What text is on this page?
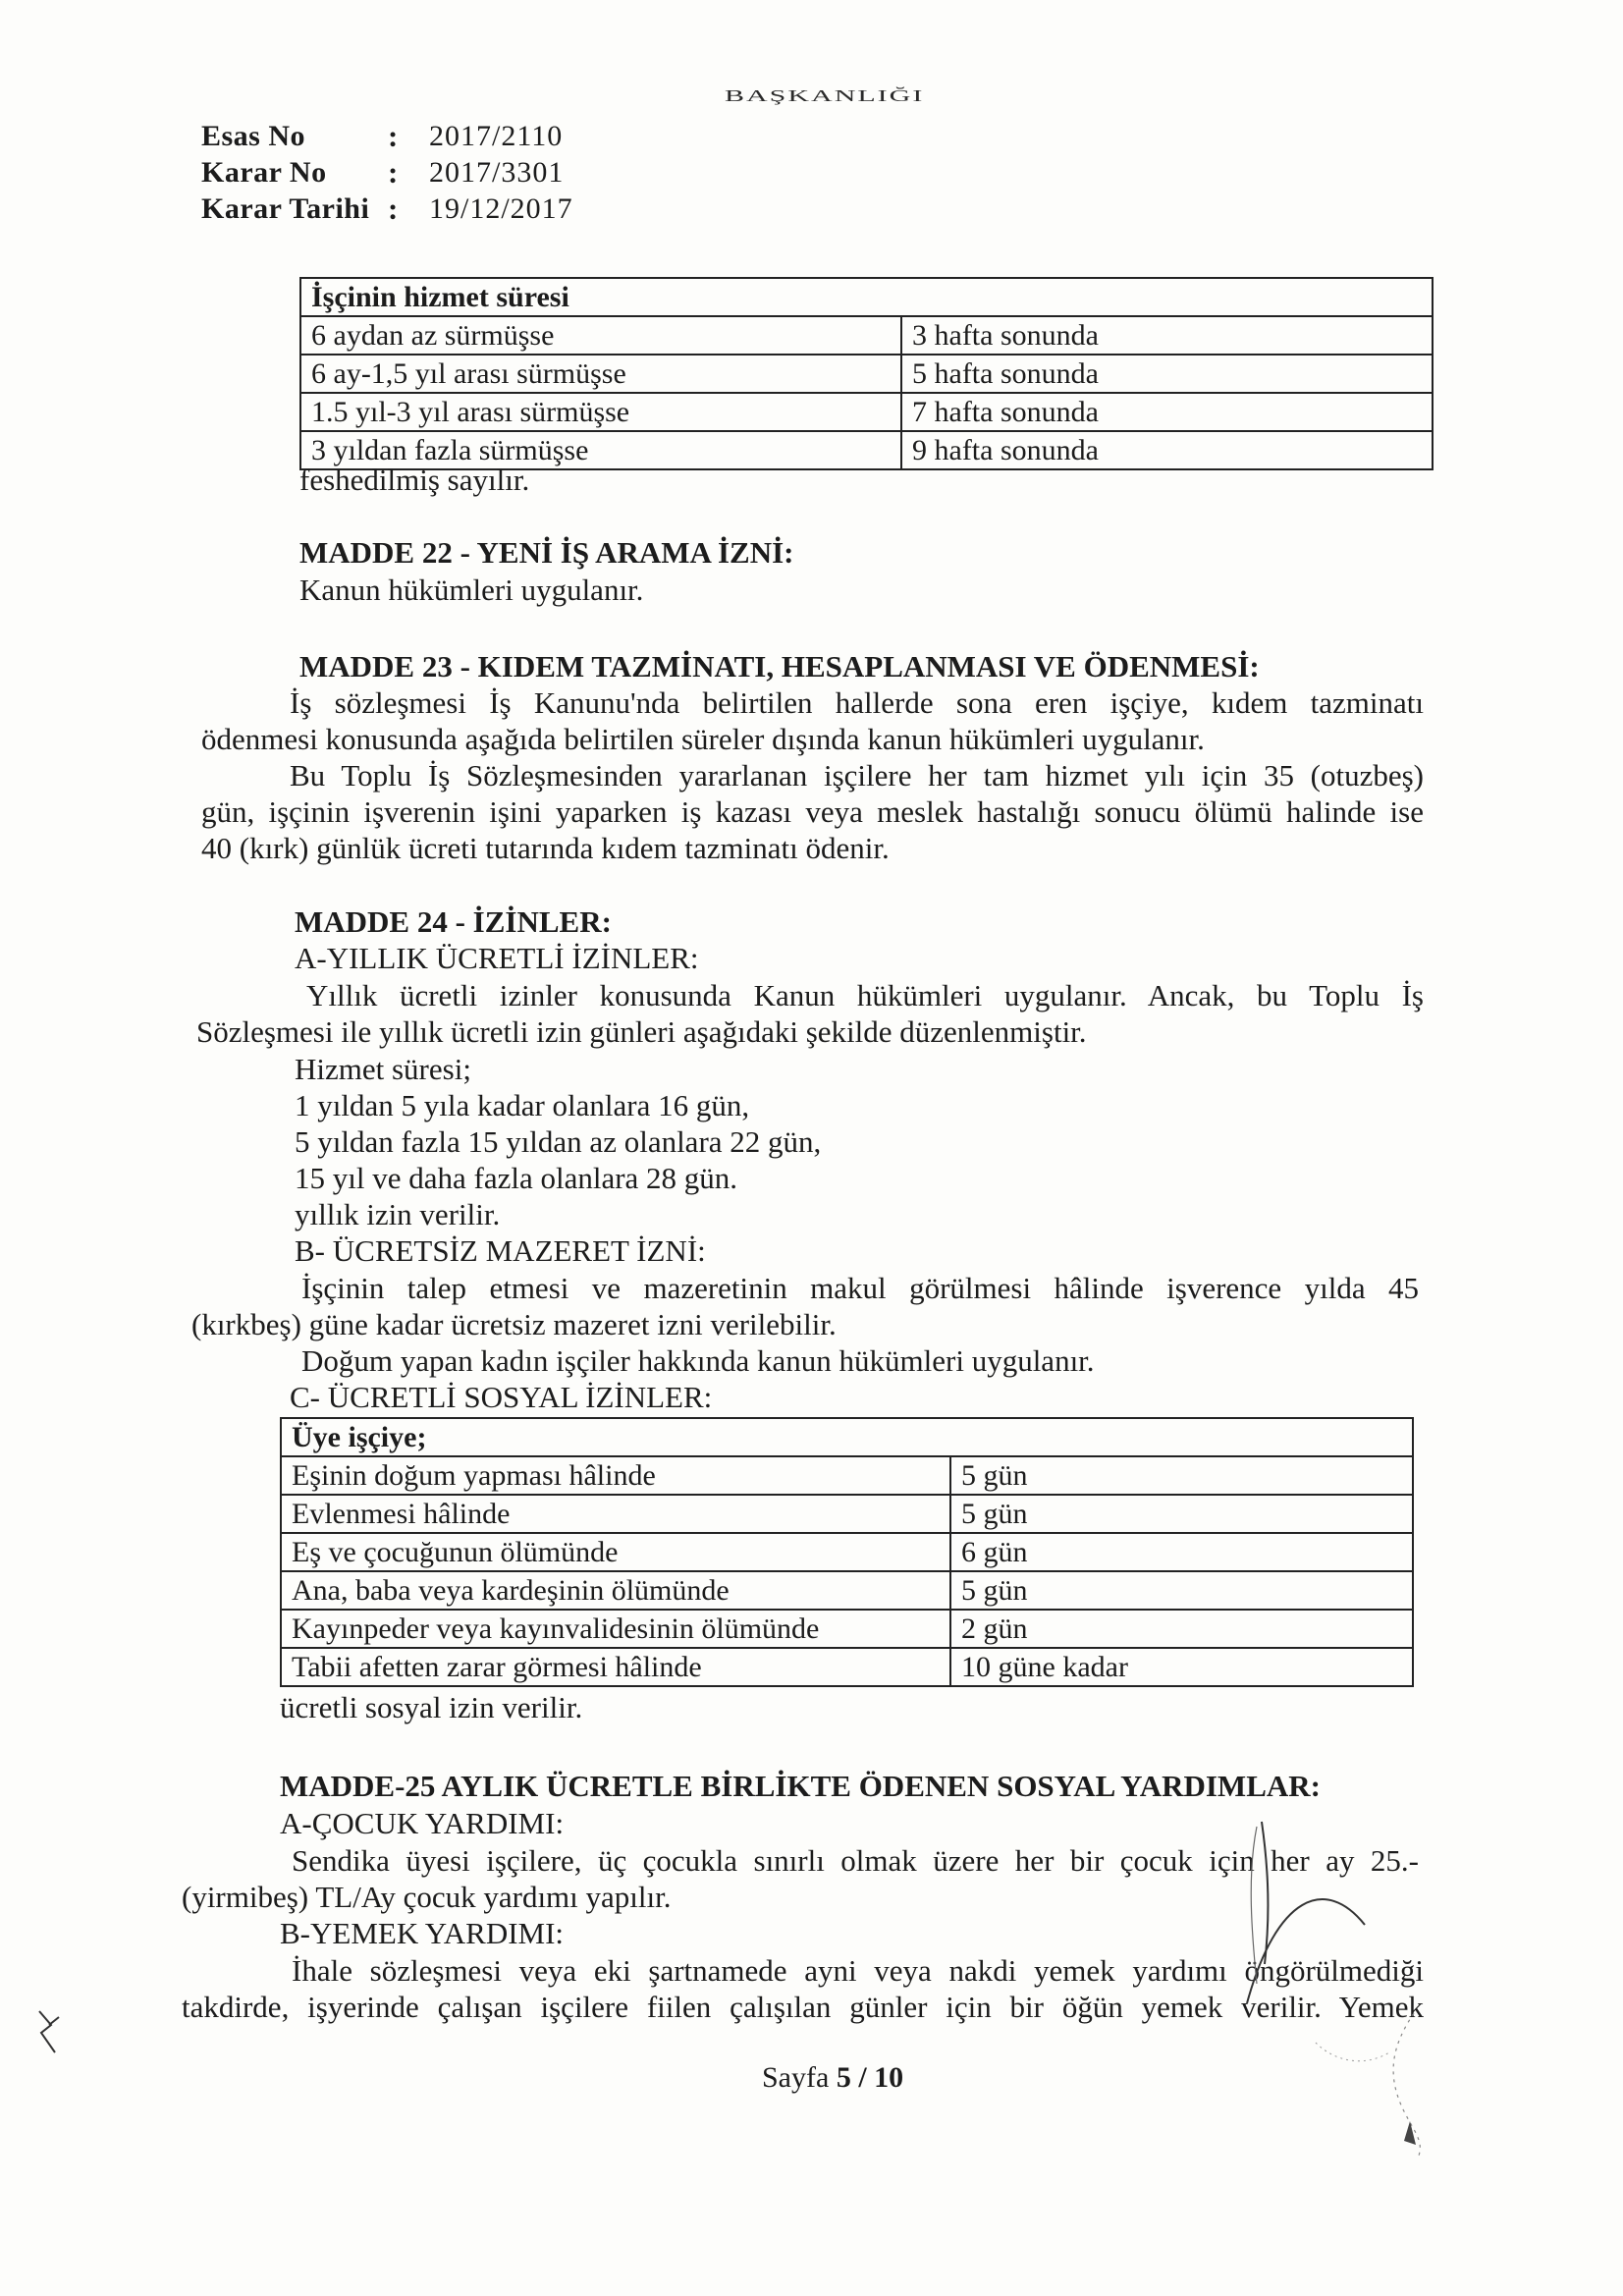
BAŞKANLIĞI
Esas No	:	2017/2110
Karar No	:	2017/3301
Karar Tarihi :	19/12/2017
İşçinin hizmet süresi	
6 aydan az sürmüşse	3 hafta sonunda
6 ay-1,5 yıl arası sürmüşse	5 hafta sonunda
1.5 yıl-3 yıl arası sürmüşse	7 hafta sonunda
3 yıldan fazla sürmüşse	9 hafta sonunda
feshedilmiş sayılır.
MADDE 22 - YENİ İŞ ARAMA İZNİ:
Kanun hükümleri uygulanır.
MADDE 23 - KIDEM TAZMİNATI, HESAPLANMASI VE ÖDENMESİ:
İş sözleşmesi İş Kanunu'nda belirtilen hallerde sona eren işçiye, kıdem tazminatı
ödenmesi konusunda aşağıda belirtilen süreler dışında kanun hükümleri uygulanır.
Bu Toplu İş Sözleşmesinden yararlanan işçilere her tam hizmet yılı için 35 (otuzbeş)
gün, işçinin işverenin işini yaparken iş kazası veya meslek hastalığı sonucu ölümü halinde ise
40 (kırk) günlük ücreti tutarında kıdem tazminatı ödenir.
MADDE 24 - İZİNLER:
A-YILLIK ÜCRETLİ İZİNLER:
Yıllık ücretli izinler konusunda Kanun hükümleri uygulanır. Ancak, bu Toplu İş
Sözleşmesi ile yıllık ücretli izin günleri aşağıdaki şekilde düzenlenmiştir.
Hizmet süresi;
1 yıldan 5 yıla kadar olanlara 16 gün,
5 yıldan fazla 15 yıldan az olanlara 22 gün,
15 yıl ve daha fazla olanlara 28 gün.
yıllık izin verilir.
B- ÜCRETSİZ MAZERET İZNİ:
İşçinin talep etmesi ve mazeretinin makul görülmesi hâlinde işverence yılda 45
(kırkbeş) güne kadar ücretsiz mazeret izni verilebilir.
Doğum yapan kadın işçiler hakkında kanun hükümleri uygulanır.
C- ÜCRETLİ SOSYAL İZİNLER:
Üye işçiye;	
Eşinin doğum yapması hâlinde	5 gün
Evlenmesi hâlinde	5 gün
Eş ve çocuğunun ölümünde	6 gün
Ana, baba veya kardeşinin ölümünde	5 gün
Kayınpeder veya kayınvalidesinin ölümünde	2 gün
Tabii afetten zarar görmesi hâlinde	10 güne kadar
ücretli sosyal izin verilir.
MADDE-25 AYLIK ÜCRETLE BİRLİKTE ÖDENEN SOSYAL YARDIMLAR:
A-ÇOCUK YARDIMI:
Sendika üyesi işçilere, üç çocukla sınırlı olmak üzere her bir çocuk için her ay 25.-
(yirmibeş) TL/Ay çocuk yardımı yapılır.
B-YEMEK YARDIMI:
İhale sözleşmesi veya eki şartnamede ayni veya nakdi yemek yardımı öngörülmediği
takdirde, işyerinde çalışan işçilere fiilen çalışılan günler için bir öğün yemek verilir. Yemek
Sayfa 5 / 10
